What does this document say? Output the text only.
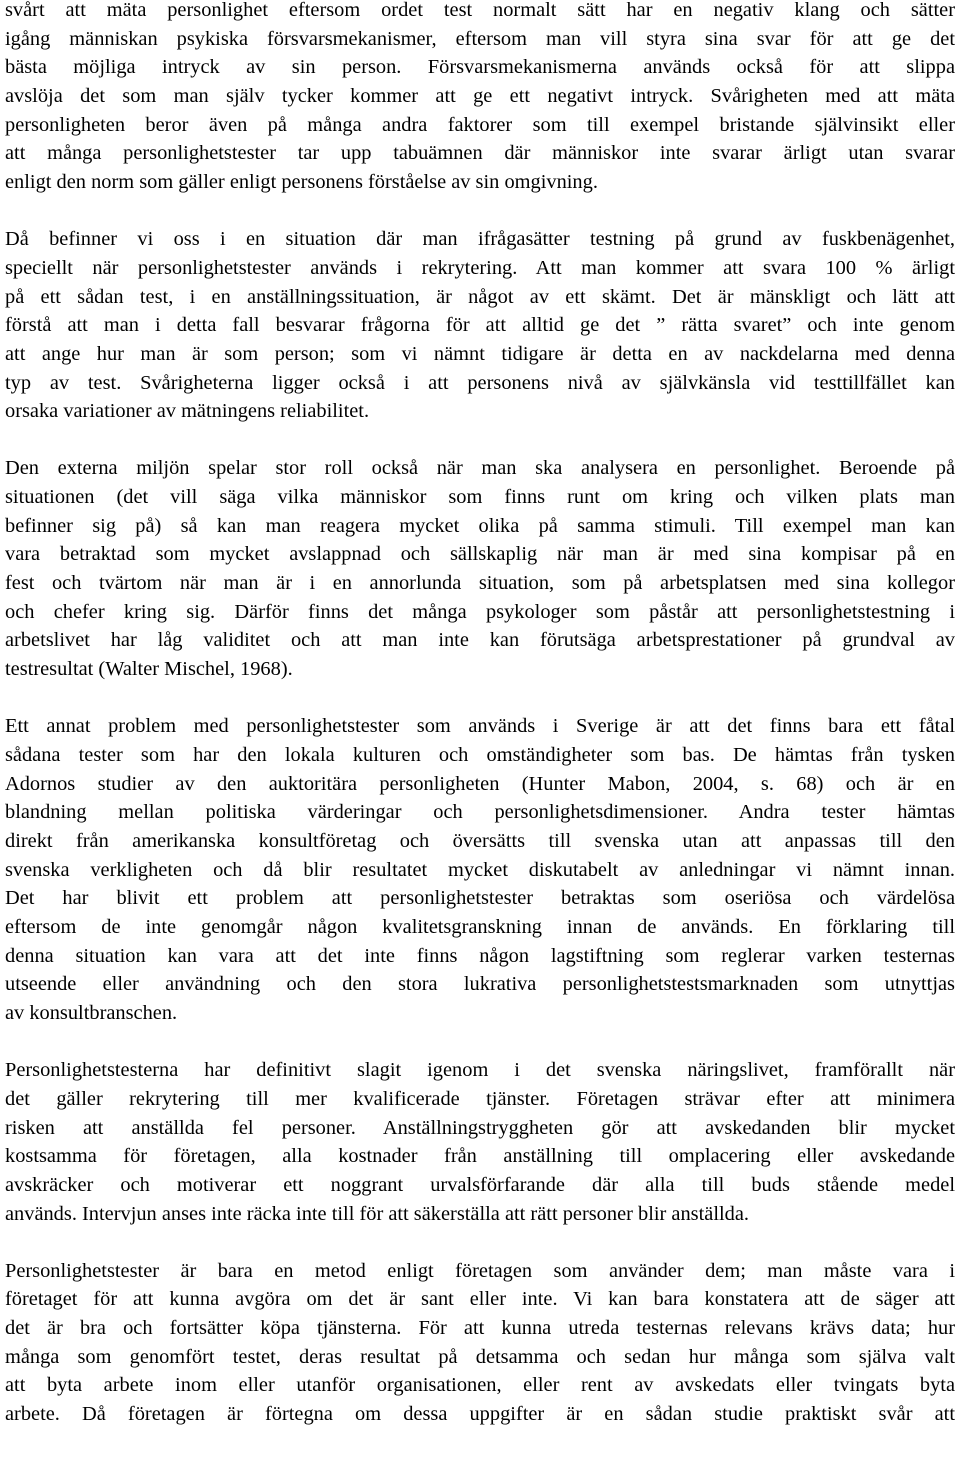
svårt att mäta personlighet eftersom ordet test normalt sätt har en negativ klang och sätter
igång människan psykiska försvarsmekanismer, eftersom man vill styra sina svar för att ge det
bästa möjliga intryck av sin person. Försvarsmekanismerna används också för att slippa
avslöja det som man själv tycker kommer att ge ett negativt intryck. Svårigheten med att mäta
personligheten beror även på många andra faktorer som till exempel bristande självinsikt eller
att många personlighetstester tar upp tabuämnen där människor inte svarar ärligt utan svarar
enligt den norm som gäller enligt personens förståelse av sin omgivning.
Då befinner vi oss i en situation där man ifrågasätter testning på grund av fuskbenägenhet,
speciellt när personlighetstester används i rekrytering. Att man kommer att svara 100 % ärligt
på ett sådan test, i en anställningssituation, är något av ett skämt. Det är mänskligt och lätt att
förstå att man i detta fall besvarar frågorna för att alltid ge det ” rätta svaret” och inte genom
att ange hur man är som person; som vi nämnt tidigare är detta en av nackdelarna med denna
typ av test. Svårigheterna ligger också i att personens nivå av självkänsla vid testtillfället kan
orsaka variationer av mätningens reliabilitet.
Den externa miljön spelar stor roll också när man ska analysera en personlighet. Beroende på
situationen (det vill säga vilka människor som finns runt om kring och vilken plats man
befinner sig på) så kan man reagera mycket olika på samma stimuli. Till exempel man kan
vara betraktad som mycket avslappnad och sällskaplig när man är med sina kompisar på en
fest och tvärtom när man är i en annorlunda situation, som på arbetsplatsen med sina kollegor
och chefer kring sig. Därför finns det många psykologer som påstår att personlighetstestning i
arbetslivet har låg validitet och att man inte kan förutsäga arbetsprestationer på grundval av
testresultat (Walter Mischel, 1968).
Ett annat problem med personlighetstester som används i Sverige är att det finns bara ett fåtal
sådana tester som har den lokala kulturen och omständigheter som bas. De hämtas från tysken
Adornos studier av den auktoritära personligheten (Hunter Mabon, 2004, s. 68) och är en
blandning mellan politiska värderingar och personlighetsdimensioner. Andra tester hämtas
direkt från amerikanska konsultföretag och översätts till svenska utan att anpassas till den
svenska verkligheten och då blir resultatet mycket diskutabelt av anledningar vi nämnt innan.
Det har blivit ett problem att personlighetstester betraktas som oseriösa och värdelösa
eftersom de inte genomgår någon kvalitetsgranskning innan de används. En förklaring till
denna situation kan vara att det inte finns någon lagstiftning som reglerar varken testernas
utseende eller användning och den stora lukrativa personlighetstestsmarknaden som utnyttjas
av konsultbranschen.
Personlighetstesterna har definitivt slagit igenom i det svenska näringslivet, framförallt när
det gäller rekrytering till mer kvalificerade tjänster. Företagen strävar efter att minimera
risken att anställda fel personer. Anställningstryggheten gör att avskedanden blir mycket
kostsamma för företagen, alla kostnader från anställning till omplacering eller avskedande
avskräcker och motiverar ett noggrant urvalsförfarande där alla till buds stående medel
används. Intervjun anses inte räcka inte till för att säkerställa att rätt personer blir anställda.
Personlighetstester är bara en metod enligt företagen som använder dem; man måste vara i
företaget för att kunna avgöra om det är sant eller inte. Vi kan bara konstatera att de säger att
det är bra och fortsätter köpa tjänsterna. För att kunna utreda testernas relevans krävs data; hur
många som genomfört testet, deras resultat på detsamma och sedan hur många som själva valt
att byta arbete inom eller utanför organisationen, eller rent av avskedats eller tvingats byta
arbete. Då företagen är förtegna om dessa uppgifter är en sådan studie praktiskt svår att
